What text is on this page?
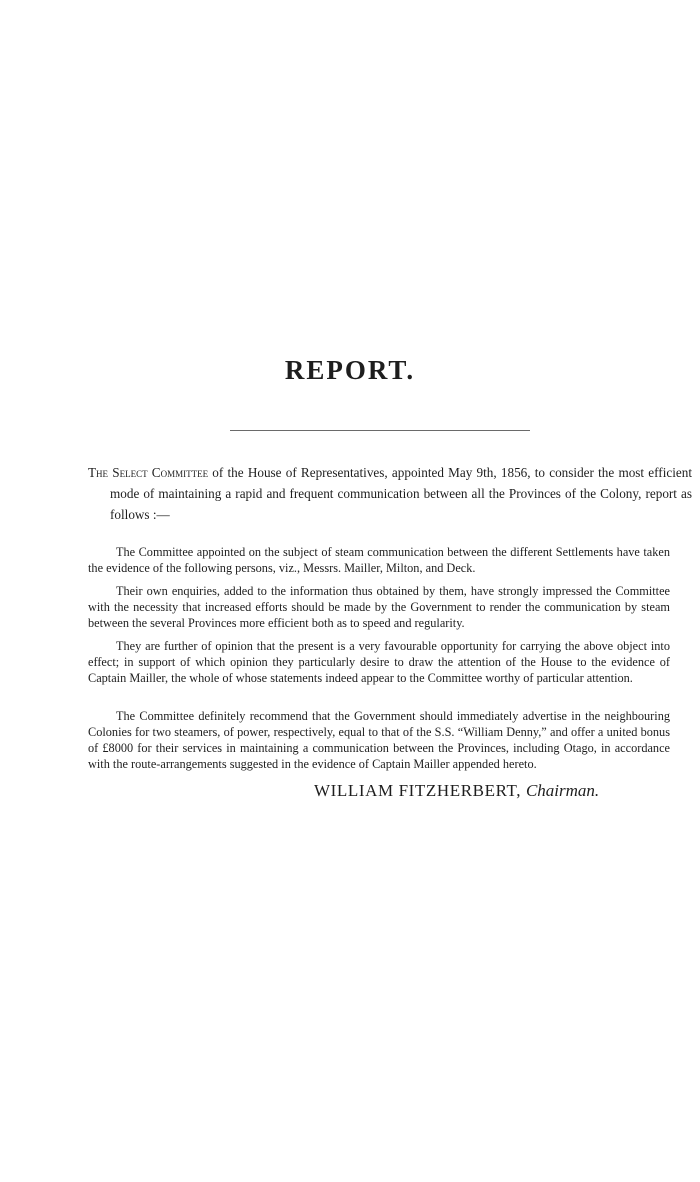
REPORT.

The Select Committee of the House of Representatives, appointed May 9th, 1856, to consider the most efficient mode of maintaining a rapid and frequent communication between all the Provinces of the Colony, report as follows :—

The Committee appointed on the subject of steam communication between the different Settlements have taken the evidence of the following persons, viz., Messrs. Mailler, Milton, and Deck.

Their own enquiries, added to the information thus obtained by them, have strongly impressed the Committee with the necessity that increased efforts should be made by the Government to render the communication by steam between the several Provinces more efficient both as to speed and regularity.

They are further of opinion that the present is a very favourable opportunity for carrying the above object into effect; in support of which opinion they particularly desire to draw the attention of the House to the evidence of Captain Mailler, the whole of whose statements indeed appear to the Committee worthy of particular attention.

The Committee definitely recommend that the Government should immediately advertise in the neighbouring Colonies for two steamers, of power, respectively, equal to that of the S.S. “William Denny,” and offer a united bonus of £8000 for their services in maintaining a communication between the Provinces, including Otago, in accordance with the route-arrangements suggested in the evidence of Captain Mailler appended hereto.

WILLIAM FITZHERBERT, Chairman.
